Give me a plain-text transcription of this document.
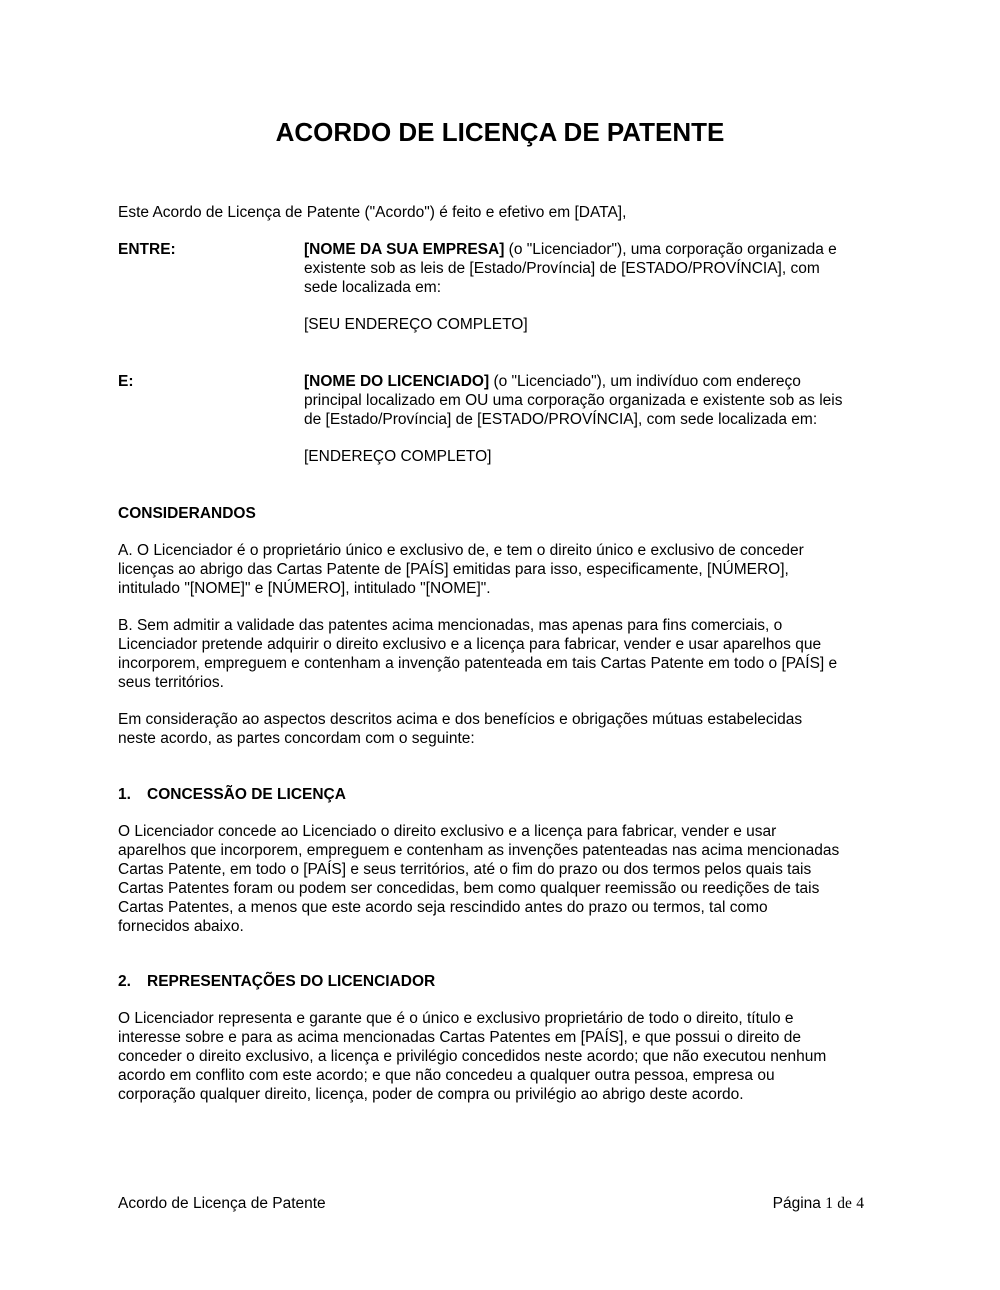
ACORDO DE LICENÇA DE PATENTE
Este Acordo de Licença de Patente ("Acordo") é feito e efetivo em [DATA],
ENTRE:	[NOME DA SUA EMPRESA] (o "Licenciador"), uma corporação organizada e
existente sob as leis de [Estado/Província] de [ESTADO/PROVÍNCIA], com
sede localizada em:
[SEU ENDEREÇO COMPLETO]
E:	[NOME DO LICENCIADO] (o "Licenciado"), um indivíduo com endereço
principal localizado em OU uma corporação organizada e existente sob as leis
de [Estado/Província] de [ESTADO/PROVÍNCIA], com sede localizada em:
[ENDEREÇO COMPLETO]
CONSIDERANDOS
A. O Licenciador é o proprietário único e exclusivo de, e tem o direito único e exclusivo de conceder
licenças ao abrigo das Cartas Patente de [PAÍS] emitidas para isso, especificamente, [NÚMERO],
intitulado "[NOME]" e [NÚMERO], intitulado "[NOME]".
B. Sem admitir a validade das patentes acima mencionadas, mas apenas para fins comerciais, o
Licenciador pretende adquirir o direito exclusivo e a licença para fabricar, vender e usar aparelhos que
incorporem, empreguem e contenham a invenção patenteada em tais Cartas Patente em todo o [PAÍS] e
seus territórios.
Em consideração ao aspectos descritos acima e dos benefícios e obrigações mútuas estabelecidas
neste acordo, as partes concordam com o seguinte:
1. CONCESSÃO DE LICENÇA
O Licenciador concede ao Licenciado o direito exclusivo e a licença para fabricar, vender e usar
aparelhos que incorporem, empreguem e contenham as invenções patenteadas nas acima mencionadas
Cartas Patente, em todo o [PAÍS] e seus territórios, até o fim do prazo ou dos termos pelos quais tais
Cartas Patentes foram ou podem ser concedidas, bem como qualquer reemissão ou reedições de tais
Cartas Patentes, a menos que este acordo seja rescindido antes do prazo ou termos, tal como
fornecidos abaixo.
2. REPRESENTAÇÕES DO LICENCIADOR
O Licenciador representa e garante que é o único e exclusivo proprietário de todo o direito, título e
interesse sobre e para as acima mencionadas Cartas Patentes em [PAÍS], e que possui o direito de
conceder o direito exclusivo, a licença e privilégio concedidos neste acordo; que não executou nenhum
acordo em conflito com este acordo; e que não concedeu a qualquer outra pessoa, empresa ou
corporação qualquer direito, licença, poder de compra ou privilégio ao abrigo deste acordo.
Acordo de Licença de Patente	Página 1 de 4
